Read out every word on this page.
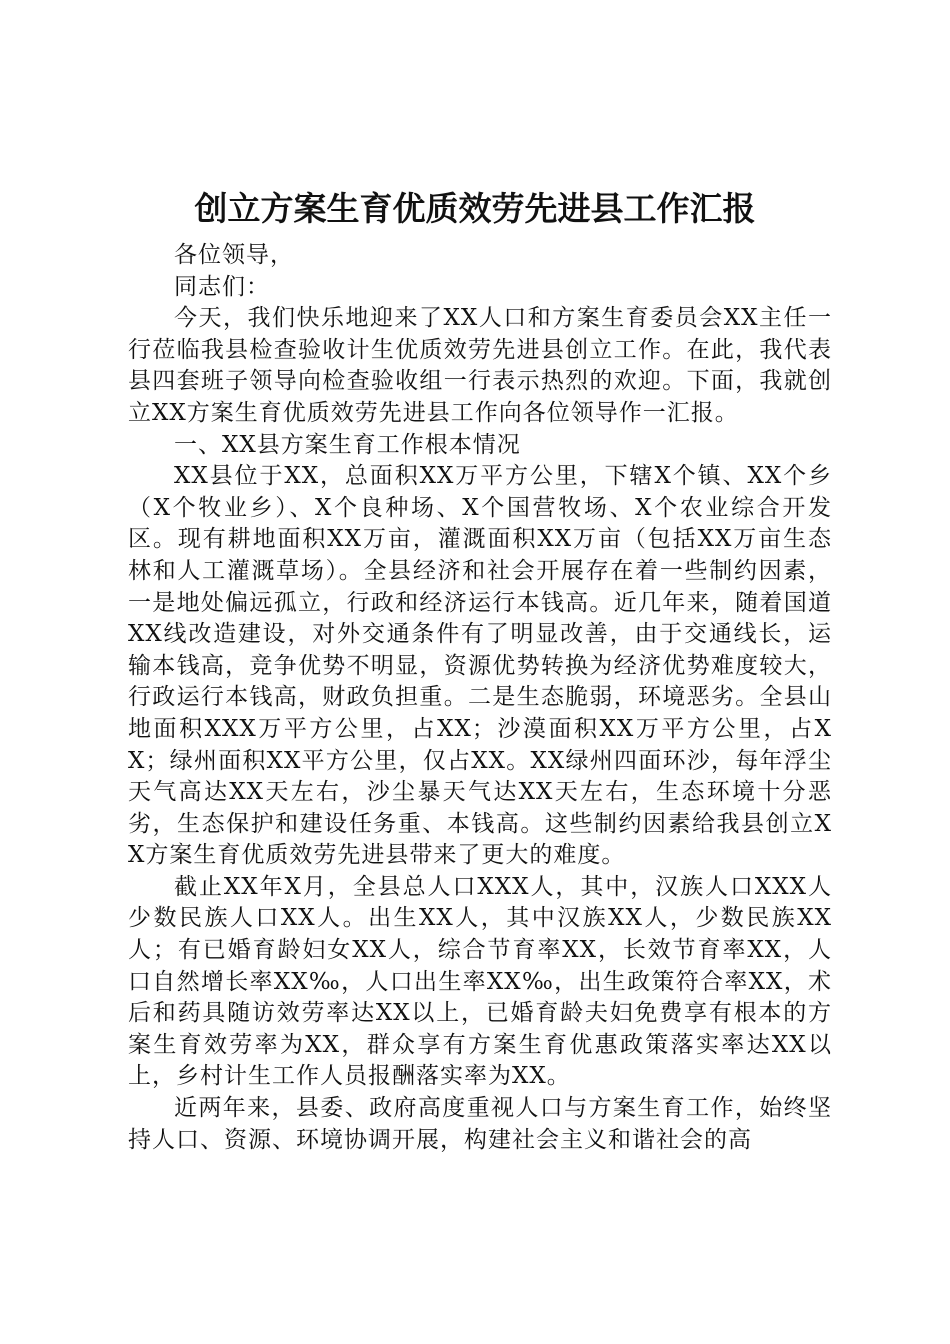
创立方案生育优质效劳先进县工作汇报

各位领导，

同志们：

今天，我们快乐地迎来了XX人口和方案生育委员会XX主任一行莅临我县检查验收计生优质效劳先进县创立工作。在此，我代表县四套班子领导向检查验收组一行表示热烈的欢迎。下面，我就创立XX方案生育优质效劳先进县工作向各位领导作一汇报。

一、XX县方案生育工作根本情况

XX县位于XX，总面积XX万平方公里，下辖X个镇、XX个乡（X个牧业乡）、X个良种场、X个国营牧场、X个农业综合开发区。现有耕地面积XX万亩，灌溉面积XX万亩（包括XX万亩生态林和人工灌溉草场）。全县经济和社会开展存在着一些制约因素，一是地处偏远孤立，行政和经济运行本钱高。近几年来，随着国道XX线改造建设，对外交通条件有了明显改善，由于交通线长，运输本钱高，竞争优势不明显，资源优势转换为经济优势难度较大，行政运行本钱高，财政负担重。二是生态脆弱，环境恶劣。全县山地面积XXX万平方公里，占XX；沙漠面积XX万平方公里，占XX；绿州面积XX平方公里，仅占XX。XX绿州四面环沙，每年浮尘天气高达XX天左右，沙尘暴天气达XX天左右，生态环境十分恶劣，生态保护和建设任务重、本钱高。这些制约因素给我县创立XX方案生育优质效劳先进县带来了更大的难度。

截止XX年X月，全县总人口XXX人，其中，汉族人口XXX人少数民族人口XX人。出生XX人，其中汉族XX人，少数民族XX人；有已婚育龄妇女XX人，综合节育率XX，长效节育率XX，人口自然增长率XX‰，人口出生率XX‰，出生政策符合率XX，术后和药具随访效劳率达XX以上，已婚育龄夫妇免费享有根本的方案生育效劳率为XX，群众享有方案生育优惠政策落实率达XX以上，乡村计生工作人员报酬落实率为XX。

近两年来，县委、政府高度重视人口与方案生育工作，始终坚持人口、资源、环境协调开展，构建社会主义和谐社会的高
